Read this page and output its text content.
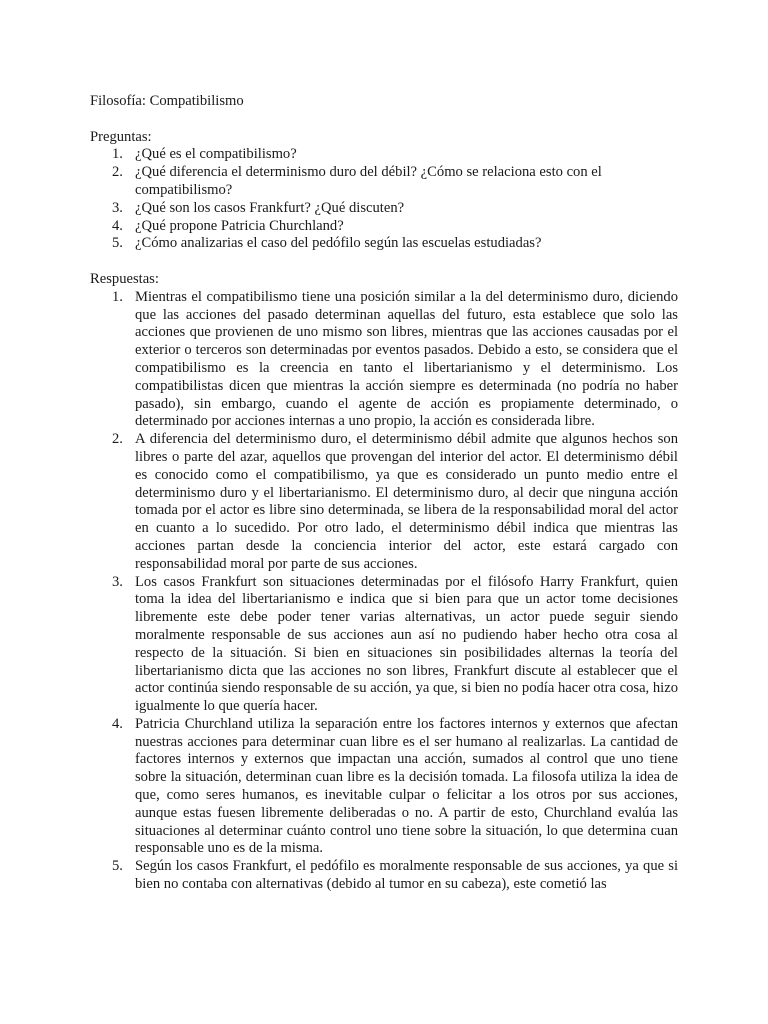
Filosofía: Compatibilismo

Preguntas:

1. ¿Qué es el compatibilismo?
2. ¿Qué diferencia el determinismo duro del débil? ¿Cómo se relaciona esto con el compatibilismo?
3. ¿Qué son los casos Frankfurt? ¿Qué discuten?
4. ¿Qué propone Patricia Churchland?
5. ¿Cómo analizarias el caso del pedófilo según las escuelas estudiadas?

Respuestas:

1. Mientras el compatibilismo tiene una posición similar a la del determinismo duro, diciendo que las acciones del pasado determinan aquellas del futuro, esta establece que solo las acciones que provienen de uno mismo son libres, mientras que las acciones causadas por el exterior o terceros son determinadas por eventos pasados. Debido a esto, se considera que el compatibilismo es la creencia en tanto el libertarianismo y el determinismo. Los compatibilistas dicen que mientras la acción siempre es determinada (no podría no haber pasado), sin embargo, cuando el agente de acción es propiamente determinado, o determinado por acciones internas a uno propio, la acción es considerada libre.
2. A diferencia del determinismo duro, el determinismo débil admite que algunos hechos son libres o parte del azar, aquellos que provengan del interior del actor. El determinismo débil es conocido como el compatibilismo, ya que es considerado un punto medio entre el determinismo duro y el libertarianismo. El determinismo duro, al decir que ninguna acción tomada por el actor es libre sino determinada, se libera de la responsabilidad moral del actor en cuanto a lo sucedido. Por otro lado, el determinismo débil indica que mientras las acciones partan desde la conciencia interior del actor, este estará cargado con responsabilidad moral por parte de sus acciones.
3. Los casos Frankfurt son situaciones determinadas por el filósofo Harry Frankfurt, quien toma la idea del libertarianismo e indica que si bien para que un actor tome decisiones libremente este debe poder tener varias alternativas, un actor puede seguir siendo moralmente responsable de sus acciones aun así no pudiendo haber hecho otra cosa al respecto de la situación. Si bien en situaciones sin posibilidades alternas la teoría del libertarianismo dicta que las acciones no son libres, Frankfurt discute al establecer que el actor continúa siendo responsable de su acción, ya que, si bien no podía hacer otra cosa, hizo igualmente lo que quería hacer.
4. Patricia Churchland utiliza la separación entre los factores internos y externos que afectan nuestras acciones para determinar cuan libre es el ser humano al realizarlas. La cantidad de factores internos y externos que impactan una acción, sumados al control que uno tiene sobre la situación, determinan cuan libre es la decisión tomada. La filosofa utiliza la idea de que, como seres humanos, es inevitable culpar o felicitar a los otros por sus acciones, aunque estas fuesen libremente deliberadas o no. A partir de esto, Churchland evalúa las situaciones al determinar cuánto control uno tiene sobre la situación, lo que determina cuan responsable uno es de la misma.
5. Según los casos Frankfurt, el pedófilo es moralmente responsable de sus acciones, ya que si bien no contaba con alternativas (debido al tumor en su cabeza), este cometió las
